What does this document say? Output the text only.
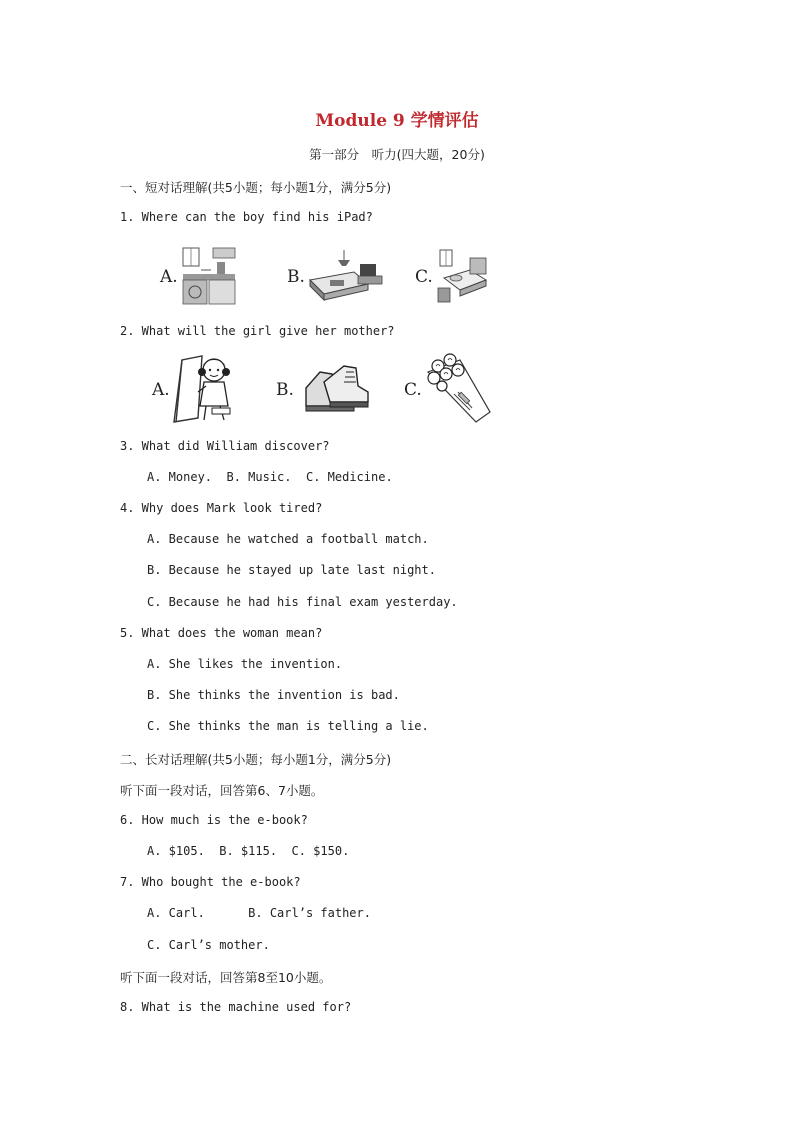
Module 9 学情评估
第一部分　听力(四大题，20分)
一、短对话理解(共5小题；每小题1分，满分5分)
1. Where can the boy find his iPad?
A.	B.	C.
2. What will the girl give her mother?
A.	B.	C.
3. What did William discover?
A. Money. B. Music. C. Medicine.
4. Why does Mark look tired?
A. Because he watched a football match.
B. Because he stayed up late last night.
C. Because he had his final exam yesterday.
5. What does the woman mean?
A. She likes the invention.
B. She thinks the invention is bad.
C. She thinks the man is telling a lie.
二、长对话理解(共5小题；每小题1分，满分5分)
听下面一段对话，回答第6、7小题。
6. How much is the e-book?
A. $105. B. $115. C. $150.
7. Who bought the e-book?
A. Carl.	B. Carl’s father.
C. Carl’s mother.
听下面一段对话，回答第8至10小题。
8. What is the machine used for?
